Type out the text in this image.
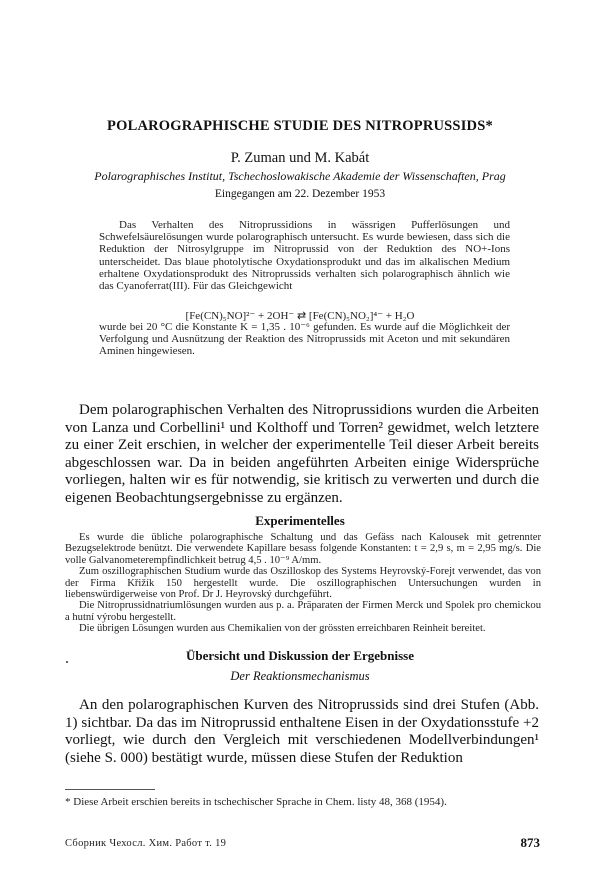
POLAROGRAPHISCHE STUDIE DES NITROPRUSSIDS*
P. Zuman und M. Kabát
Polarographisches Institut, Tschechoslowakische Akademie der Wissenschaften, Prag
Eingegangen am 22. Dezember 1953
Das Verhalten des Nitroprussidions in wässrigen Pufferlösungen und Schwefelsäurelösungen wurde polarographisch untersucht. Es wurde bewiesen, dass sich die Reduktion der Nitrosylgruppe im Nitroprussid von der Reduktion des NO+-Ions unterscheidet. Das blaue photolytische Oxydationsprodukt und das im alkalischen Medium erhaltene Oxydationsprodukt des Nitroprussids verhalten sich polarographisch ähnlich wie das Cyanoferrat(III). Für das Gleichgewicht
[Fe(CN)₅NO]²⁻ + 2OH⁻ ⇄ [Fe(CN)₅NO₂]⁴⁻ + H₂O
wurde bei 20 °C die Konstante K = 1,35 . 10⁻⁶ gefunden. Es wurde auf die Möglichkeit der Verfolgung und Ausnützung der Reaktion des Nitroprussids mit Aceton und mit sekundären Aminen hingewiesen.
Dem polarographischen Verhalten des Nitroprussidions wurden die Arbeiten von Lanza und Corbellini¹ und Kolthoff und Torren² gewidmet, welch letztere zu einer Zeit erschien, in welcher der experimentelle Teil dieser Arbeit bereits abgeschlossen war. Da in beiden angeführten Arbeiten einige Widersprüche vorliegen, halten wir es für notwendig, sie kritisch zu verwerten und durch die eigenen Beobachtungsergebnisse zu ergänzen.
Experimentelles

Es wurde die übliche polarographische Schaltung und das Gefäss nach Kalousek mit getrennter Bezugselektrode benützt. Die verwendete Kapillare besass folgende Konstanten: t = 2,9 s, m = 2,95 mg/s. Die volle Galvanometerempfindlichkeit betrug 4,5 . 10⁻⁹ A/mm.

Zum oszillographischen Studium wurde das Oszilloskop des Systems Heyrovský-Forejt verwendet, das von der Firma Křižík 150 hergestellt wurde. Die oszillographischen Untersuchungen wurden in liebenswürdigerweise von Prof. Dr J. Heyrovský durchgeführt.

Die Nitroprussidnatriumlösungen wurden aus p. a. Präparaten der Firmen Merck und Spolek pro chemickou a hutní výrobu hergestellt.

Die übrigen Lösungen wurden aus Chemikalien von der grössten erreichbaren Reinheit bereitet.

Übersicht und Diskussion der Ergebnisse
Der Reaktionsmechanismus
An den polarographischen Kurven des Nitroprussids sind drei Stufen (Abb. 1) sichtbar. Da das im Nitroprussid enthaltene Eisen in der Oxydationsstufe +2 vorliegt, wie durch den Vergleich mit verschiedenen Modellverbindungen¹ (siehe S. 000) bestätigt wurde, müssen diese Stufen der Reduktion
* Diese Arbeit erschien bereits in tschechischer Sprache in Chem. listy 48, 368 (1954).
Сборник Чехосл. Хим. Работ т. 19	873
